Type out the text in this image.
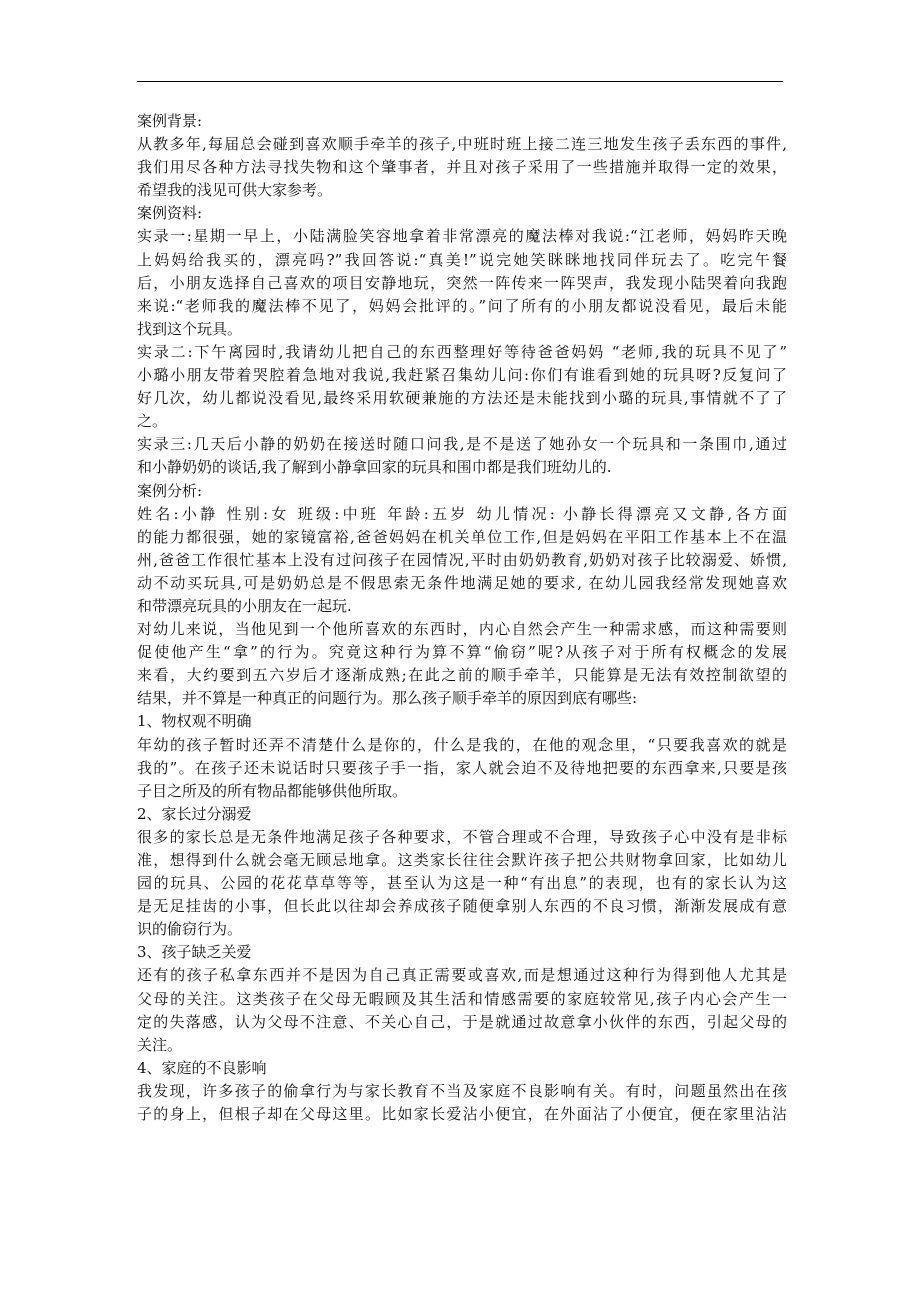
案例背景:
从教多年,每届总会碰到喜欢顺手牵羊的孩子,中班时班上接二连三地发生孩子丢东西的事件,
我们用尽各种方法寻找失物和这个肇事者，并且对孩子采用了一些措施并取得一定的效果，
希望我的浅见可供大家参考。
案例资料:
实录一:星期一早上，小陆满脸笑容地拿着非常漂亮的魔法棒对我说:“江老师，妈妈昨天晚
上妈妈给我买的，漂亮吗?”我回答说:“真美!”说完她笑眯眯地找同伴玩去了。吃完午餐
后，小朋友选择自己喜欢的项目安静地玩，突然一阵传来一阵哭声，我发现小陆哭着向我跑
来说:“老师我的魔法棒不见了，妈妈会批评的。”问了所有的小朋友都说没看见，最后未能
找到这个玩具。
实录二:下午离园时,我请幼儿把自己的东西整理好等待爸爸妈妈 “老师,我的玩具不见了”
小璐小朋友带着哭腔着急地对我说,我赶紧召集幼儿问:你们有谁看到她的玩具呀?反复问了
好几次，幼儿都说没看见,最终采用软硬兼施的方法还是未能找到小璐的玩具,事情就不了了
之。
实录三:几天后小静的奶奶在接送时随口问我,是不是送了她孙女一个玩具和一条围巾,通过
和小静奶奶的谈话,我了解到小静拿回家的玩具和围巾都是我们班幼儿的.
案例分析:
姓名:小静 性别:女 班级:中班 年龄:五岁 幼儿情况: 小静长得漂亮又文静,各方面
的能力都很强，她的家镜富裕,爸爸妈妈在机关单位工作,但是妈妈在平阳工作基本上不在温
州,爸爸工作很忙基本上没有过问孩子在园情况,平时由奶奶教育,奶奶对孩子比较溺爱、娇惯,
动不动买玩具,可是奶奶总是不假思索无条件地满足她的要求, 在幼儿园我经常发现她喜欢
和带漂亮玩具的小朋友在一起玩.
对幼儿来说，当他见到一个他所喜欢的东西时，内心自然会产生一种需求感，而这种需要则
促使他产生“拿”的行为。究竟这种行为算不算“偷窃”呢?从孩子对于所有权概念的发展
来看，大约要到五六岁后才逐渐成熟;在此之前的顺手牵羊，只能算是无法有效控制欲望的
结果，并不算是一种真正的问题行为。那么孩子顺手牵羊的原因到底有哪些:
1、物权观不明确
年幼的孩子暂时还弄不清楚什么是你的，什么是我的，在他的观念里，“只要我喜欢的就是
我的”。在孩子还未说话时只要孩子手一指，家人就会迫不及待地把要的东西拿来,只要是孩
子目之所及的所有物品都能够供他所取。
2、家长过分溺爱
很多的家长总是无条件地满足孩子各种要求，不管合理或不合理，导致孩子心中没有是非标
准，想得到什么就会毫无顾忌地拿。这类家长往往会默许孩子把公共财物拿回家，比如幼儿
园的玩具、公园的花花草草等等，甚至认为这是一种“有出息”的表现，也有的家长认为这
是无足挂齿的小事，但长此以往却会养成孩子随便拿别人东西的不良习惯，渐渐发展成有意
识的偷窃行为。
3、孩子缺乏关爱
还有的孩子私拿东西并不是因为自己真正需要或喜欢,而是想通过这种行为得到他人尤其是
父母的关注。这类孩子在父母无暇顾及其生活和情感需要的家庭较常见,孩子内心会产生一
定的失落感，认为父母不注意、不关心自己，于是就通过故意拿小伙伴的东西，引起父母的
关注。
4、家庭的不良影响
我发现，许多孩子的偷拿行为与家长教育不当及家庭不良影响有关。有时，问题虽然出在孩
子的身上，但根子却在父母这里。比如家长爱沾小便宜，在外面沾了小便宜，便在家里沾沾
